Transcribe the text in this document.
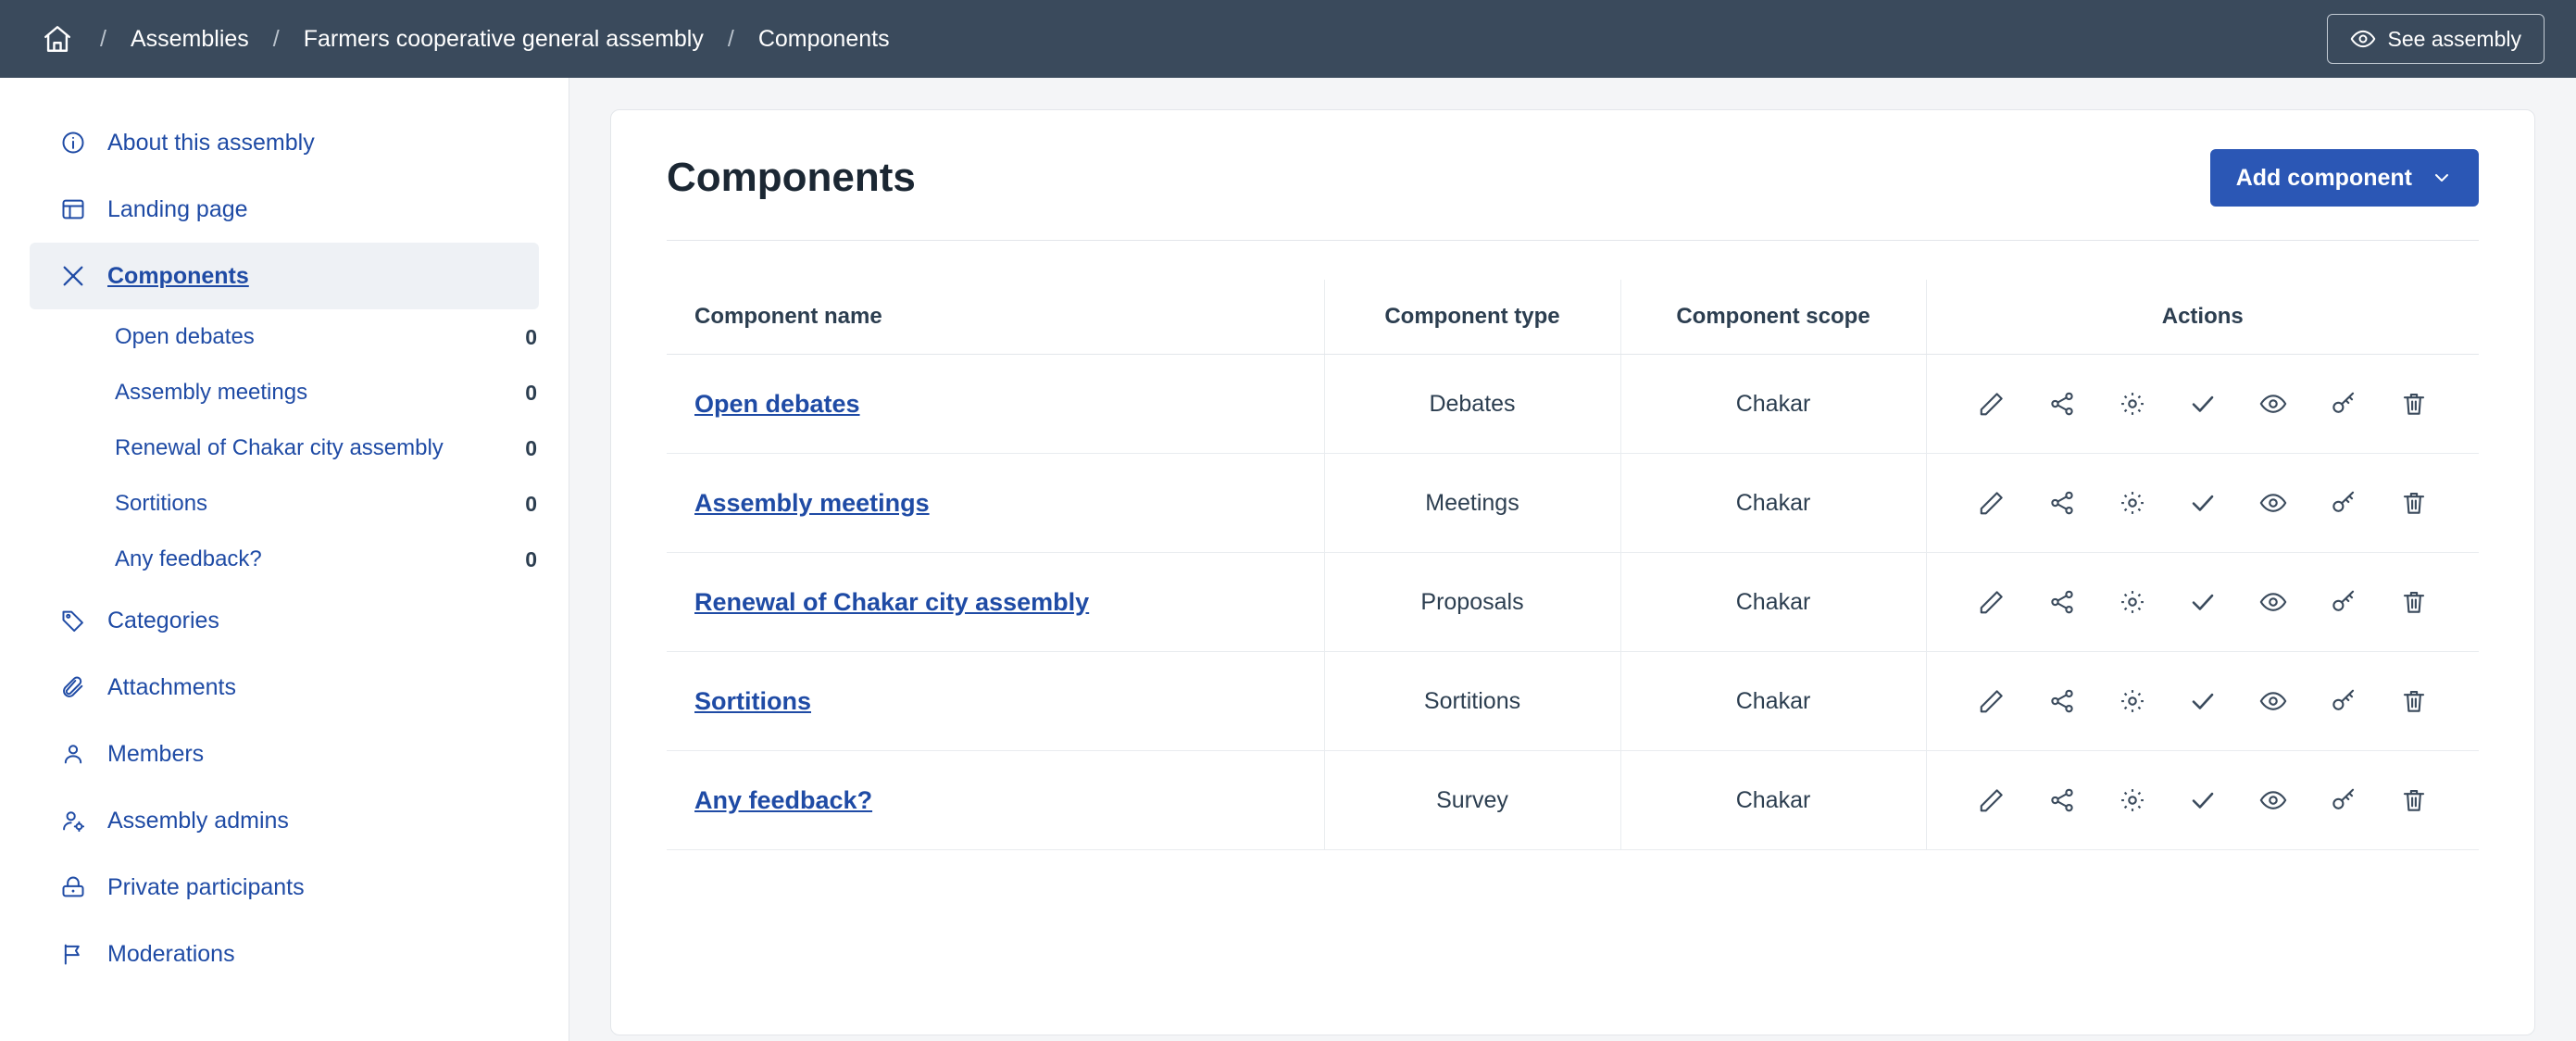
/ Assemblies / Farmers cooperative general assembly / Components	See assembly
About this assembly
Landing page
Components
Open debates	0
Assembly meetings	0
Renewal of Chakar city assembly	0
Sortitions	0
Any feedback?	0
Categories
Attachments
Members
Assembly admins
Private participants
Moderations
Components	Add component
Component name	Component type	Component scope	Actions
Open debates	Debates	Chakar	

Assembly meetings	Meetings	Chakar	

Renewal of Chakar city assembly	Proposals	Chakar	

Sortitions	Sortitions	Chakar	

Any feedback?	Survey	Chakar	
